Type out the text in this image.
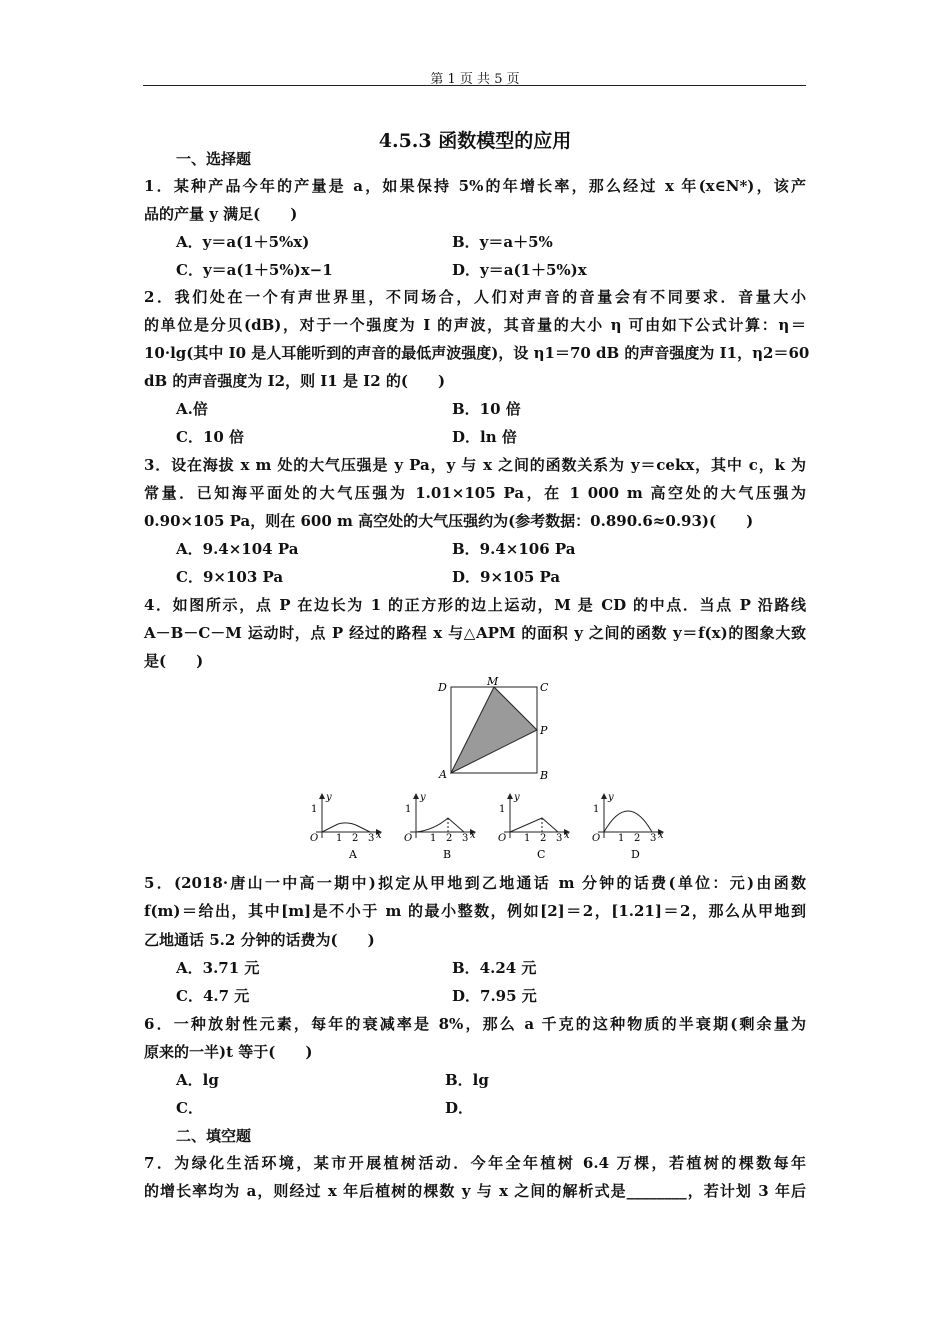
第 1 页 共 5 页
4.5.3 函数模型的应用
一、选择题
1．某种产品今年的产量是 a，如果保持 5%的年增长率，那么经过 x 年(x∈N*)，该产
品的产量 y 满足(　　)
A．y＝a(1＋5%x)	B．y＝a＋5%
C．y＝a(1＋5%)x−1	D．y＝a(1＋5%)x
2．我们处在一个有声世界里，不同场合，人们对声音的音量会有不同要求．音量大小
的单位是分贝(dB)，对于一个强度为 I 的声波，其音量的大小 η 可由如下公式计算：η＝
10·lg(其中 I0 是人耳能听到的声音的最低声波强度)，设 η1＝70 dB 的声音强度为 I1，η2＝60
dB 的声音强度为 I2，则 I1 是 I2 的(　　)
A.倍	B．10 倍
C．10 倍	D．ln 倍
3．设在海拔 x m 处的大气压强是 y Pa，y 与 x 之间的函数关系为 y＝cekx，其中 c，k 为
常量．已知海平面处的大气压强为 1.01×105 Pa，在 1 000 m 高空处的大气压强为
0.90×105 Pa，则在 600 m 高空处的大气压强约为(参考数据：0.890.6≈0.93)(　　)
A．9.4×104 Pa	B．9.4×106 Pa
C．9×103 Pa	D．9×105 Pa
4．如图所示，点 P 在边长为 1 的正方形的边上运动，M 是 CD 的中点．当点 P 沿路线
A－B－C－M 运动时，点 P 经过的路程 x 与△APM 的面积 y 之间的函数 y＝f(x)的图象大致
是(　　)
D	M	C
P
A	B
y
1
O 1 2 3 x
A
y
1
O 1 2 3 x
B
y
1
O 1 2 3 x
C
y
1
O 1 2 3 x
D
5．(2018·唐山一中高一期中)拟定从甲地到乙地通话 m 分钟的话费(单位：元)由函数
f(m)＝给出，其中[m]是不小于 m 的最小整数，例如[2]＝2，[1.21]＝2，那么从甲地到
乙地通话 5.2 分钟的话费为(　　)
A．3.71 元	B．4.24 元
C．4.7 元	D．7.95 元
6．一种放射性元素，每年的衰减率是 8%，那么 a 千克的这种物质的半衰期(剩余量为
原来的一半)t 等于(　　)
A．lg	B．lg
C．	D．
二、填空题
7．为绿化生活环境，某市开展植树活动．今年全年植树 6.4 万棵，若植树的棵数每年
的增长率均为 a，则经过 x 年后植树的棵数 y 与 x 之间的解析式是________，若计划 3 年后
